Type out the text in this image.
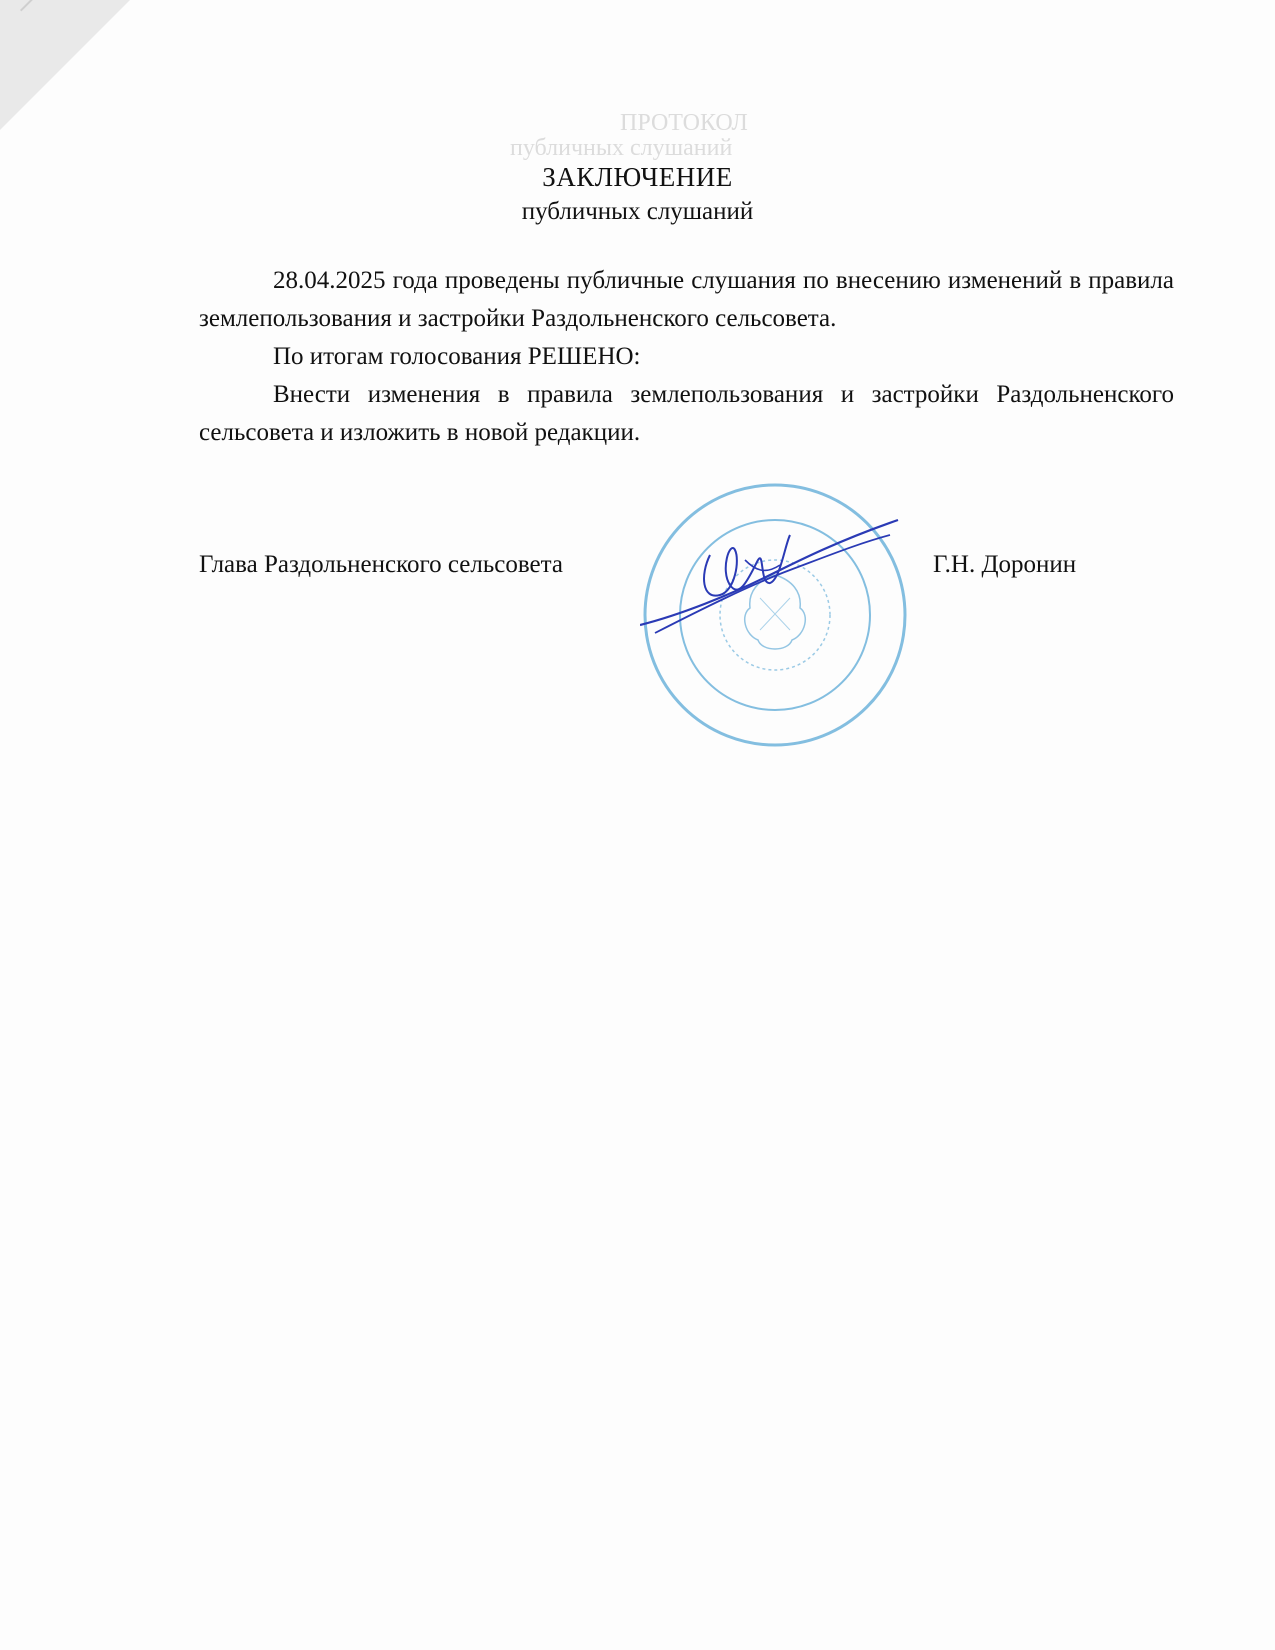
ПРОТОКОЛ
публичных слушаний
ЗАКЛЮЧЕНИЕ
публичных слушаний

28.04.2025 года проведены публичные слушания по внесению изменений в правила землепользования и застройки Раздольненского сельсовета.

По итогам голосования РЕШЕНО:

Внести изменения в правила землепользования и застройки Раздольненского сельсовета и изложить в новой редакции.

Глава Раздольненского сельсовета	Г.Н. Доронин
